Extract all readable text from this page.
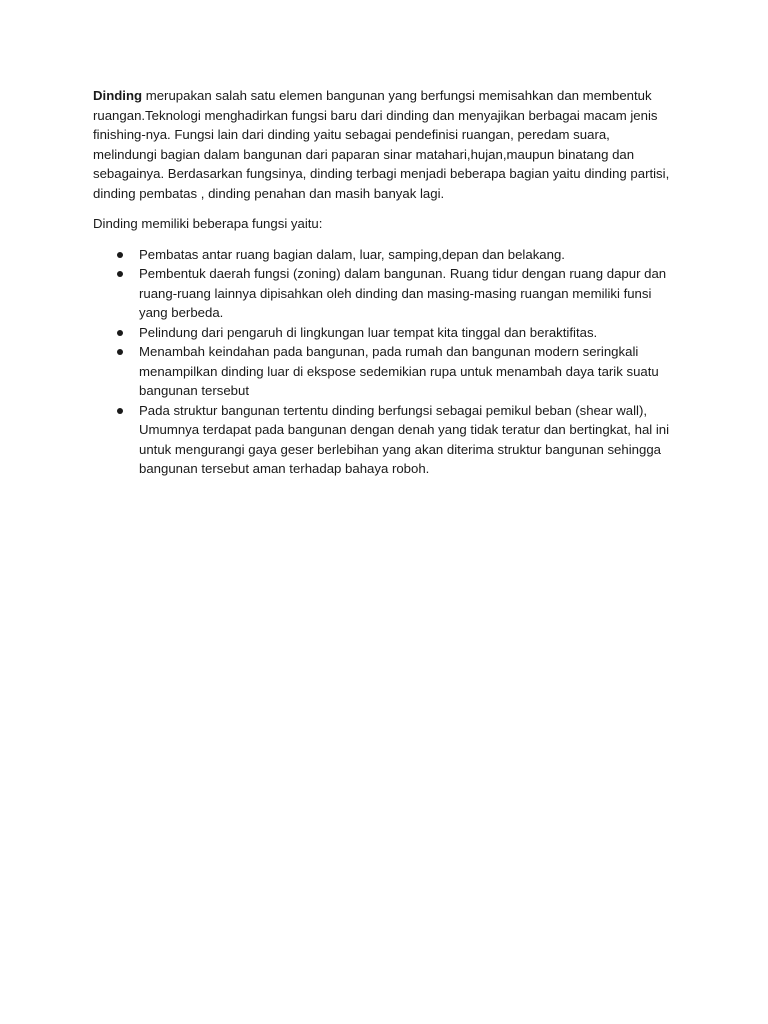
Dinding merupakan salah satu elemen bangunan yang berfungsi memisahkan dan membentuk ruangan.Teknologi menghadirkan fungsi baru dari dinding dan menyajikan berbagai macam jenis finishing-nya. Fungsi lain dari dinding yaitu sebagai pendefinisi ruangan, peredam suara, melindungi bagian dalam bangunan dari paparan sinar matahari,hujan,maupun binatang dan sebagainya. Berdasarkan fungsinya, dinding terbagi menjadi beberapa bagian yaitu dinding partisi, dinding pembatas , dinding penahan dan masih banyak lagi.

Dinding memiliki beberapa fungsi yaitu:

Pembatas antar ruang bagian dalam, luar, samping,depan dan belakang.
Pembentuk daerah fungsi (zoning) dalam bangunan. Ruang tidur dengan ruang dapur dan ruang-ruang lainnya dipisahkan oleh dinding dan masing-masing ruangan memiliki funsi yang berbeda.
Pelindung dari pengaruh di lingkungan luar tempat kita tinggal dan beraktifitas.
Menambah keindahan pada bangunan, pada rumah dan bangunan modern seringkali menampilkan dinding luar di ekspose sedemikian rupa untuk menambah daya tarik suatu bangunan tersebut
Pada struktur bangunan tertentu dinding berfungsi sebagai pemikul beban (shear wall), Umumnya terdapat pada bangunan dengan denah yang tidak teratur dan bertingkat, hal ini untuk mengurangi gaya geser berlebihan yang akan diterima struktur bangunan sehingga bangunan tersebut aman terhadap bahaya roboh.
